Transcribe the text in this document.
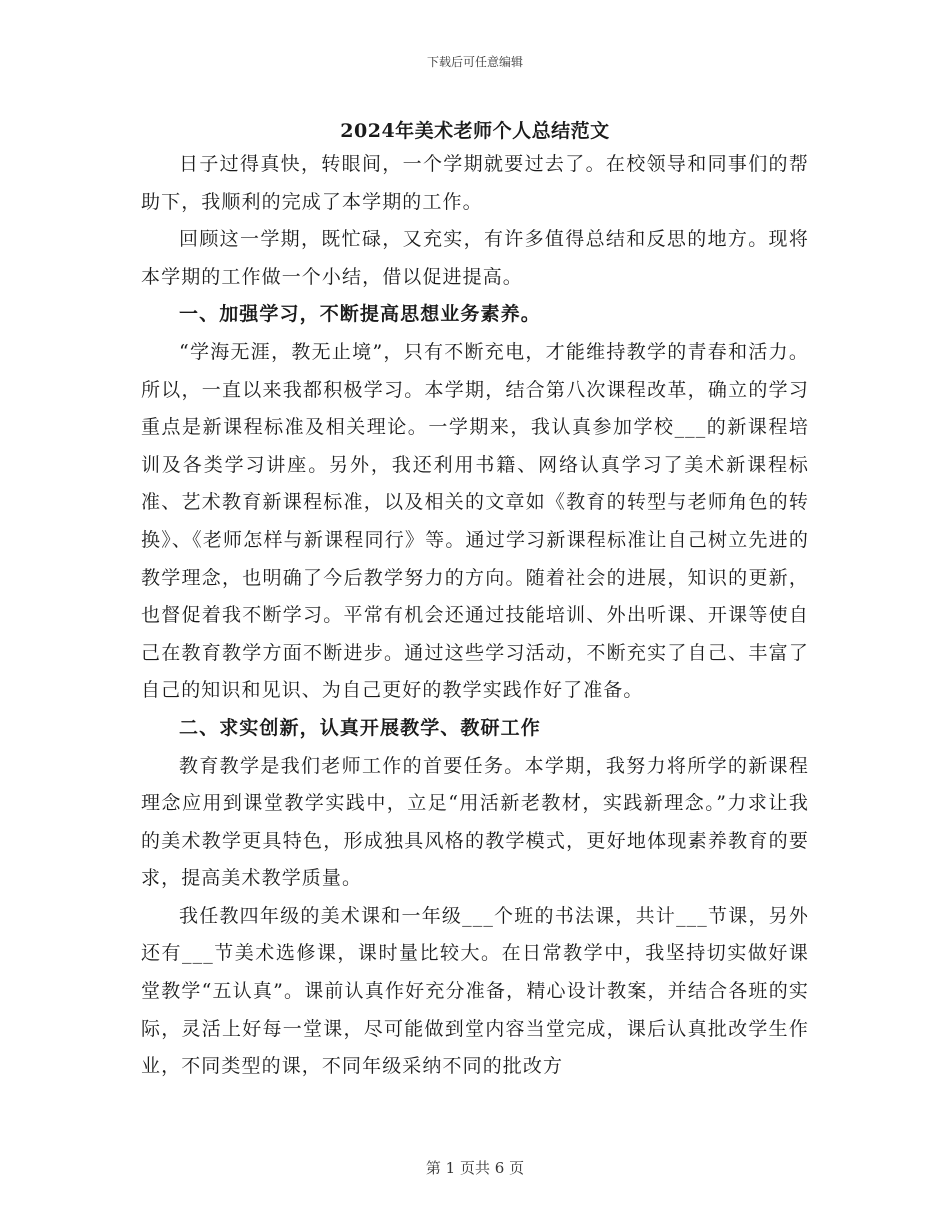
下载后可任意编辑
2024年美术老师个人总结范文

日子过得真快，转眼间，一个学期就要过去了。在校领导和同事们的帮助下，我顺利的完成了本学期的工作。

回顾这一学期，既忙碌，又充实，有许多值得总结和反思的地方。现将本学期的工作做一个小结，借以促进提高。

一、加强学习，不断提高思想业务素养。

“学海无涯，教无止境”，只有不断充电，才能维持教学的青春和活力。所以，一直以来我都积极学习。本学期，结合第八次课程改革，确立的学习重点是新课程标准及相关理论。一学期来，我认真参加学校___的新课程培训及各类学习讲座。另外，我还利用书籍、网络认真学习了美术新课程标准、艺术教育新课程标准，以及相关的文章如《教育的转型与老师角色的转换》、《老师怎样与新课程同行》等。通过学习新课程标准让自己树立先进的教学理念，也明确了今后教学努力的方向。随着社会的进展，知识的更新，也督促着我不断学习。平常有机会还通过技能培训、外出听课、开课等使自己在教育教学方面不断进步。通过这些学习活动，不断充实了自己、丰富了自己的知识和见识、为自己更好的教学实践作好了准备。

二、求实创新，认真开展教学、教研工作

教育教学是我们老师工作的首要任务。本学期，我努力将所学的新课程理念应用到课堂教学实践中，立足“用活新老教材，实践新理念。”力求让我的美术教学更具特色，形成独具风格的教学模式，更好地体现素养教育的要求，提高美术教学质量。

我任教四年级的美术课和一年级___个班的书法课，共计___节课，另外还有___节美术选修课，课时量比较大。在日常教学中，我坚持切实做好课堂教学“五认真”。课前认真作好充分准备，精心设计教案，并结合各班的实际，灵活上好每一堂课，尽可能做到堂内容当堂完成，课后认真批改学生作业，不同类型的课，不同年级采纳不同的批改方

第 1 页共 6 页
